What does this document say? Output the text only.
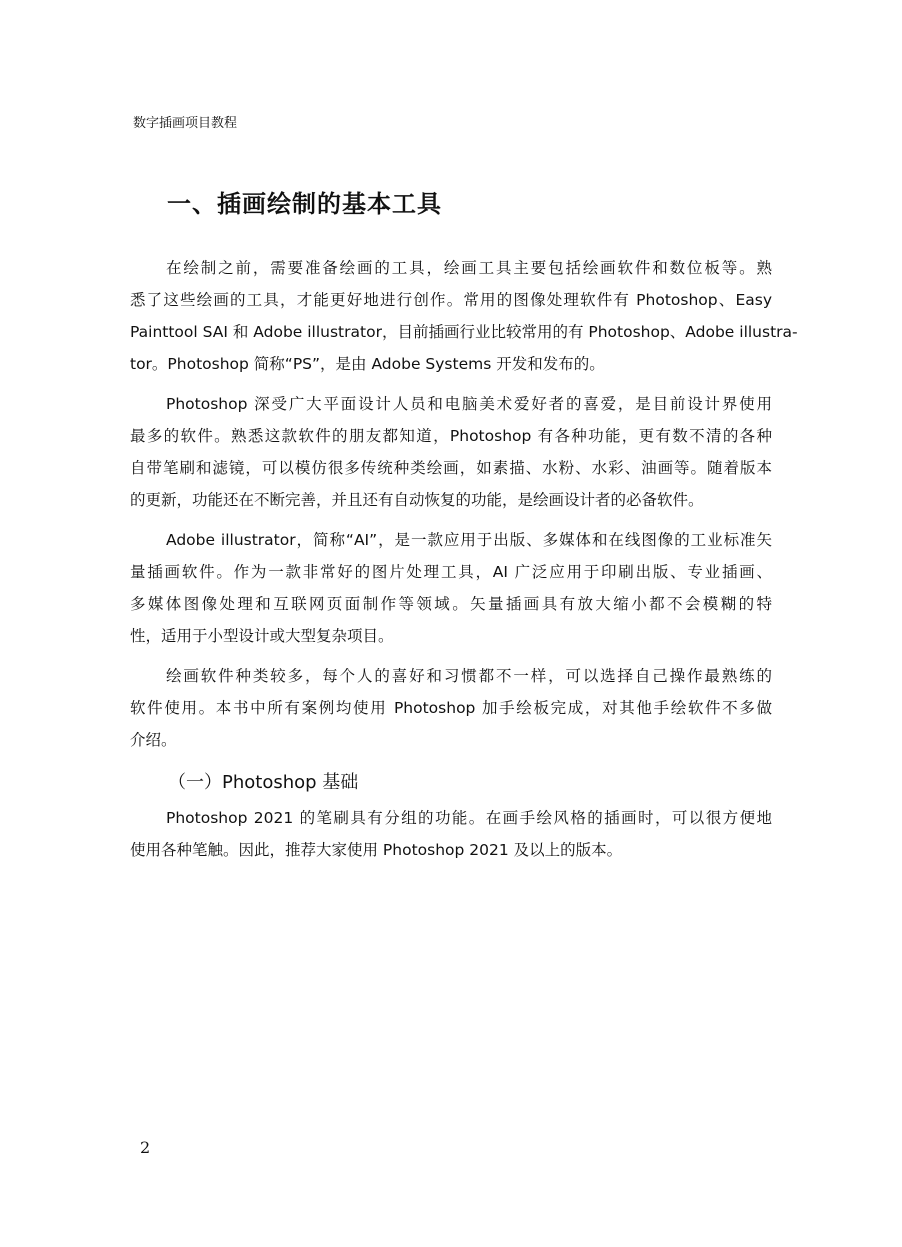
数字插画项目教程
一、插画绘制的基本工具
在绘制之前，需要准备绘画的工具，绘画工具主要包括绘画软件和数位板等。熟
悉了这些绘画的工具，才能更好地进行创作。常用的图像处理软件有 Photoshop、Easy
Painttool SAI 和 Adobe illustrator，目前插画行业比较常用的有 Photoshop、Adobe illustra-
tor。Photoshop 简称“PS”，是由 Adobe Systems 开发和发布的。
Photoshop 深受广大平面设计人员和电脑美术爱好者的喜爱，是目前设计界使用
最多的软件。熟悉这款软件的朋友都知道，Photoshop 有各种功能，更有数不清的各种
自带笔刷和滤镜，可以模仿很多传统种类绘画，如素描、水粉、水彩、油画等。随着版本
的更新，功能还在不断完善，并且还有自动恢复的功能，是绘画设计者的必备软件。
Adobe illustrator，简称“AI”，是一款应用于出版、多媒体和在线图像的工业标准矢
量插画软件。作为一款非常好的图片处理工具，AI 广泛应用于印刷出版、专业插画、
多媒体图像处理和互联网页面制作等领域。矢量插画具有放大缩小都不会模糊的特
性，适用于小型设计或大型复杂项目。
绘画软件种类较多，每个人的喜好和习惯都不一样，可以选择自己操作最熟练的
软件使用。本书中所有案例均使用 Photoshop 加手绘板完成，对其他手绘软件不多做
介绍。
（一）Photoshop 基础
Photoshop 2021 的笔刷具有分组的功能。在画手绘风格的插画时，可以很方便地
使用各种笔触。因此，推荐大家使用 Photoshop 2021 及以上的版本。
2
